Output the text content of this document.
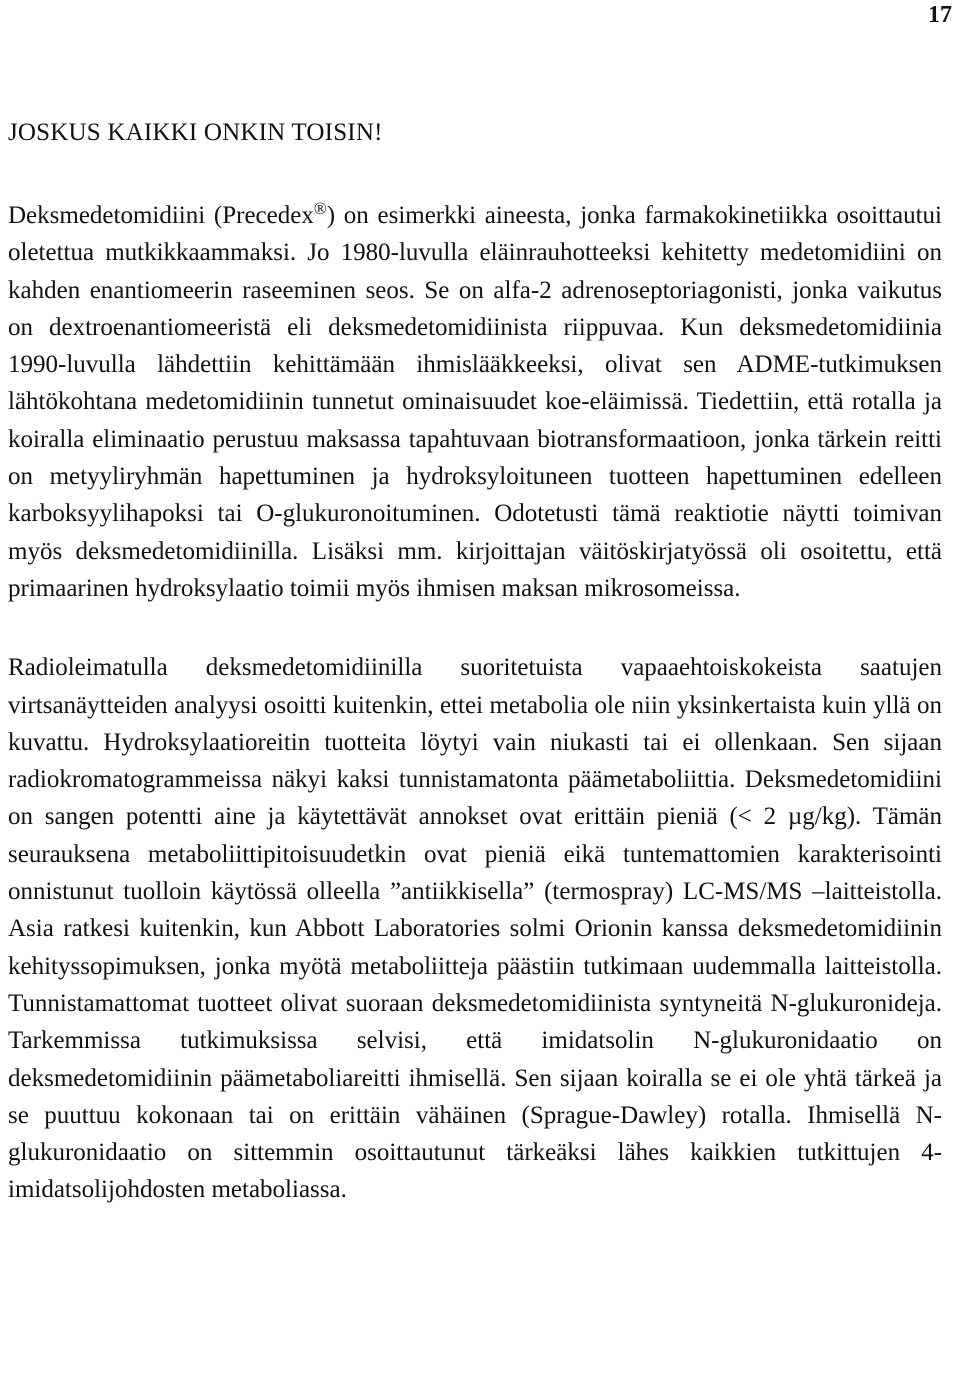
17
JOSKUS KAIKKI ONKIN TOISIN!

Deksmedetomidiini (Precedex®) on esimerkki aineesta, jonka farmakokinetiikka osoittautui oletettua mutkikkaammaksi. Jo 1980-luvulla eläinrauhotteeksi kehitetty medetomidiini on kahden enantiomeerin raseeminen seos. Se on alfa-2 adrenoseptoriagonisti, jonka vaikutus on dextroenantiomeeristä eli deksmedetomidiinista riippuvaa. Kun deksmedetomidiinia 1990-luvulla lähdettiin kehittämään ihmislääkkeeksi, olivat sen ADME-tutkimuksen lähtökohtana medetomidiinin tunnetut ominaisuudet koe-eläimissä. Tiedettiin, että rotalla ja koiralla eliminaatio perustuu maksassa tapahtuvaan biotransformaatioon, jonka tärkein reitti on metyyliryhmän hapettuminen ja hydroksyloituneen tuotteen hapettuminen edelleen karboksyylihapoksi tai O-glukuronoituminen. Odotetusti tämä reaktiotie näytti toimivan myös deksmedetomidiinilla. Lisäksi mm. kirjoittajan väitöskirjatyössä oli osoitettu, että primaarinen hydroksylaatio toimii myös ihmisen maksan mikrosomeissa.

Radioleimatulla deksmedetomidiinilla suoritetuista vapaaehtoiskokeista saatujen virtsanäytteiden analyysi osoitti kuitenkin, ettei metabolia ole niin yksinkertaista kuin yllä on kuvattu. Hydroksylaatioreitin tuotteita löytyi vain niukasti tai ei ollenkaan. Sen sijaan radiokromatogrammeissa näkyi kaksi tunnistamatonta päämetaboliittia. Deksmedetomidiini on sangen potentti aine ja käytettävät annokset ovat erittäin pieniä (< 2 µg/kg). Tämän seurauksena metaboliittipitoisuudetkin ovat pieniä eikä tuntemattomien karakterisointi onnistunut tuolloin käytössä olleella ”antiikkisella” (termospray) LC-MS/MS –laitteistolla. Asia ratkesi kuitenkin, kun Abbott Laboratories solmi Orionin kanssa deksmedetomidiinin kehityssopimuksen, jonka myötä metaboliitteja päästiin tutkimaan uudemmalla laitteistolla. Tunnistamattomat tuotteet olivat suoraan deksmedetomidiinista syntyneitä N-glukuronideja. Tarkemmissa tutkimuksissa selvisi, että imidatsolin N-glukuronidaatio on deksmedetomidiinin päämetaboliareitti ihmisellä. Sen sijaan koiralla se ei ole yhtä tärkeä ja se puuttuu kokonaan tai on erittäin vähäinen (Sprague-Dawley) rotalla. Ihmisellä N-glukuronidaatio on sittemmin osoittautunut tärkeäksi lähes kaikkien tutkittujen 4-imidatsolijohdosten metaboliassa.
